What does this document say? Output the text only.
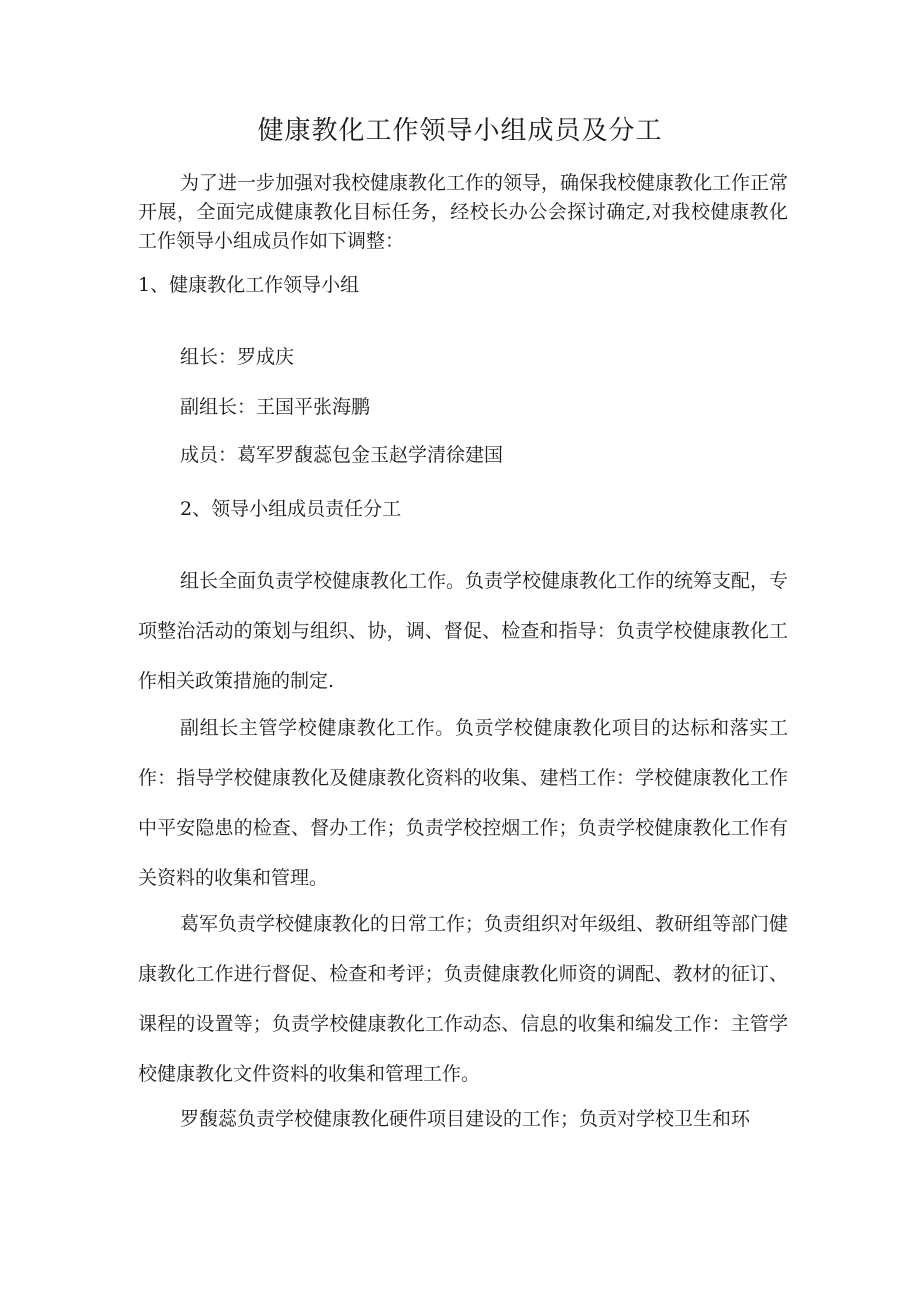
健康教化工作领导小组成员及分工
为了进一步加强对我校健康教化工作的领导，确保我校健康教化工作正常开展，全面完成健康教化目标任务，经校长办公会探讨确定,对我校健康教化工作领导小组成员作如下调整：
1、健康教化工作领导小组
组长：罗成庆
副组长：王国平张海鹏
成员：葛军罗馥蕊包金玉赵学清徐建国
2、领导小组成员责任分工
组长全面负责学校健康教化工作。负责学校健康教化工作的统筹支配，专项整治活动的策划与组织、协，调、督促、检查和指导：负责学校健康教化工作相关政策措施的制定.
副组长主管学校健康教化工作。负贡学校健康教化项目的达标和落实工作：指导学校健康教化及健康教化资料的收集、建档工作：学校健康教化工作中平安隐患的检查、督办工作；负责学校控烟工作；负责学校健康教化工作有关资料的收集和管理。
葛军负责学校健康教化的日常工作；负责组织对年级组、教研组等部门健康教化工作进行督促、检查和考评；负责健康教化师资的调配、教材的征订、课程的设置等；负责学校健康教化工作动态、信息的收集和编发工作：主管学校健康教化文件资料的收集和管理工作。
罗馥蕊负责学校健康教化硬件项目建设的工作；负贡对学校卫生和环
